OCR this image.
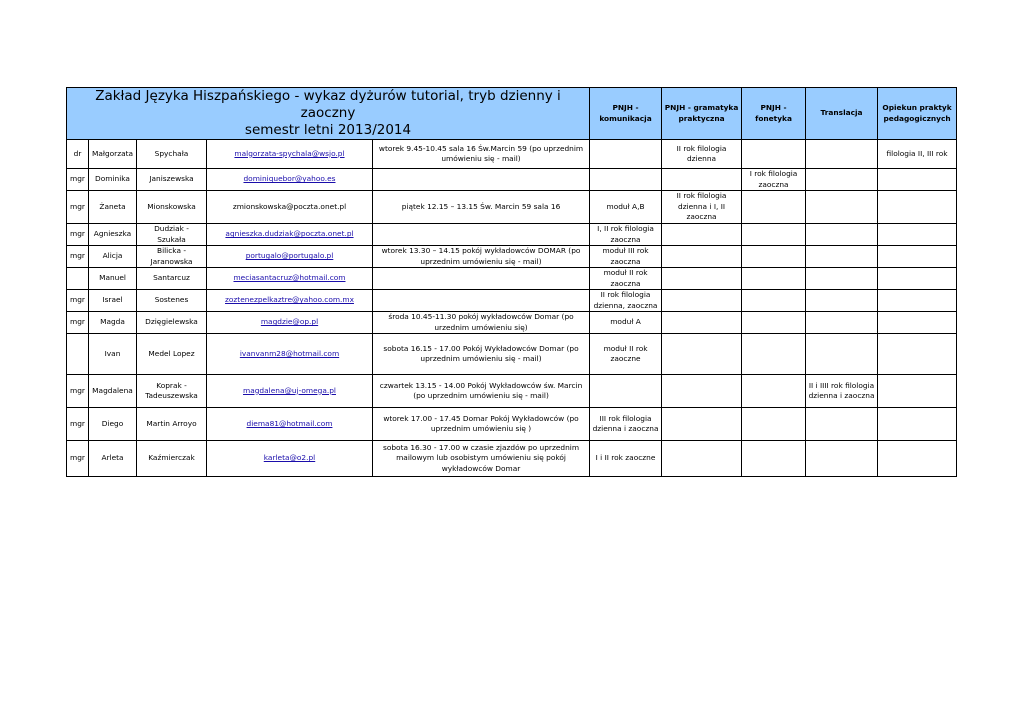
Zakład Języka Hiszpańskiego - wykaz dyżurów tutorial, tryb dzienny i zaoczny
semestr letni 2013/2014					PNJH - komunikacja	PNJH - gramatyka praktyczna	PNJH - fonetyka	Translacja	Opiekun praktyk pedagogicznych
dr	Małgorzata	Spychała	malgorzata-spychala@wsjo.pl	wtorek 9.45-10.45 sala 16 Św.Marcin 59 (po uprzednim umówieniu się - mail)		II rok filologia dzienna			filologia II, III rok
mgr	Dominika	Janiszewska	dominiquebor@yahoo.es				I rok filologia zaoczna		
mgr	Żaneta	Mionskowska	zmionskowska@poczta.onet.pl	piątek 12.15 – 13.15 Św. Marcin 59 sala 16	moduł A,B	II rok filologia dzienna i I, II zaoczna			
mgr	Agnieszka	Dudziak - Szukała	agnieszka.dudziak@poczta.onet.pl		I, II rok filologia zaoczna				
mgr	Alicja	Bilicka - Jaranowska	portugalo@portugalo.pl	wtorek 13.30 – 14.15 pokój wykładowców DOMAR (po uprzednim umówieniu się - mail)	moduł III rok zaoczna				
	Manuel	Santarcuz	meciasantacruz@hotmail.com		moduł II rok zaoczna				
mgr	Israel	Sostenes	zoztenezpelkaztre@yahoo.com.mx		II rok filologia dzienna, zaoczna				
mgr	Magda	Dzięgielewska	magdzie@op.pl	środa 10.45-11.30 pokój wykładowców Domar (po urzednim umówieniu się)	moduł A				
	Ivan	Medel Lopez	ivanvanm28@hotmail.com	sobota 16.15 - 17.00 Pokój Wykładowców Domar (po uprzednim umówieniu się - mail)	moduł II rok zaoczne				
mgr	Magdalena	Koprak - Tadeuszewska	magdalena@uj-omega.pl	czwartek 13.15 - 14.00 Pokój Wykładowców św. Marcin (po uprzednim umówieniu się - mail)				II i IIII rok filologia dzienna i zaoczna	
mgr	Diego	Martin Arroyo	diema81@hotmail.com	wtorek 17.00 - 17.45 Domar Pokój Wykładowców (po uprzednim umówieniu się )	III rok filologia dzienna i zaoczna				
mgr	Arleta	Kaźmierczak	karleta@o2.pl	sobota 16.30 - 17.00 w czasie zjazdów po uprzednim mailowym lub osobistym umówieniu się pokój wykładowców Domar	I i II rok zaoczne				
